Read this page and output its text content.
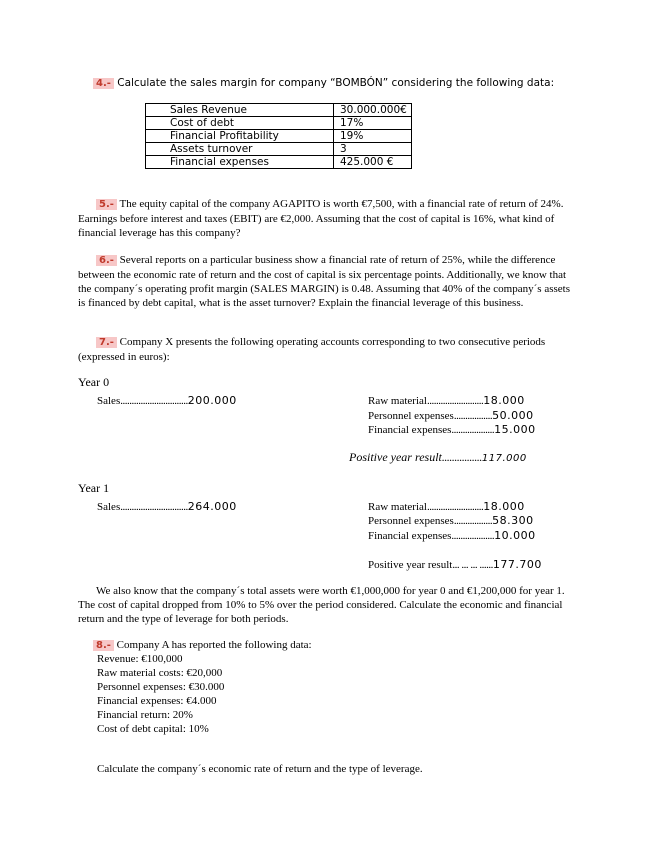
4.- Calculate the sales margin for company “BOMBÓN” considering the following data:
Sales Revenue	30.000.000€
Cost of debt	17%
Financial Profitability	19%
Assets turnover	3
Financial expenses	425.000 €

5.- The equity capital of the company AGAPITO is worth €7,500, with a financial rate of return of 24%. Earnings before interest and taxes (EBIT) are €2,000. Assuming that the cost of capital is 16%, what kind of financial leverage has this company?

6.- Several reports on a particular business show a financial rate of return of 25%, while the difference between the economic rate of return and the cost of capital is six percentage points. Additionally, we know that the company´s operating profit margin (SALES MARGIN) is 0.48. Assuming that 40% of the company´s assets is financed by debt capital, what is the asset turnover? Explain the financial leverage of this business.

7.- Company X presents the following operating accounts corresponding to two consecutive periods (expressed in euros):

Year 0
Sales..............................200.000	Raw material.........................18.000
Personnel expenses.................50.000
Financial expenses...................15.000
Positive year result................117.000
Year 1
Sales..............................264.000	Raw material.........................18.000
Personnel expenses.................58.300
Financial expenses...................10.000
Positive year result... ... ... ......177.700

We also know that the company´s total assets were worth €1,000,000 for year 0 and €1,200,000 for year 1. The cost of capital dropped from 10% to 5% over the period considered. Calculate the economic and financial return and the type of leverage for both periods.

8.- Company A has reported the following data:
Revenue: €100,000
Raw material costs: €20,000
Personnel expenses: €30.000
Financial expenses: €4.000
Financial return: 20%
Cost of debt capital: 10%
Calculate the company´s economic rate of return and the type of leverage.
